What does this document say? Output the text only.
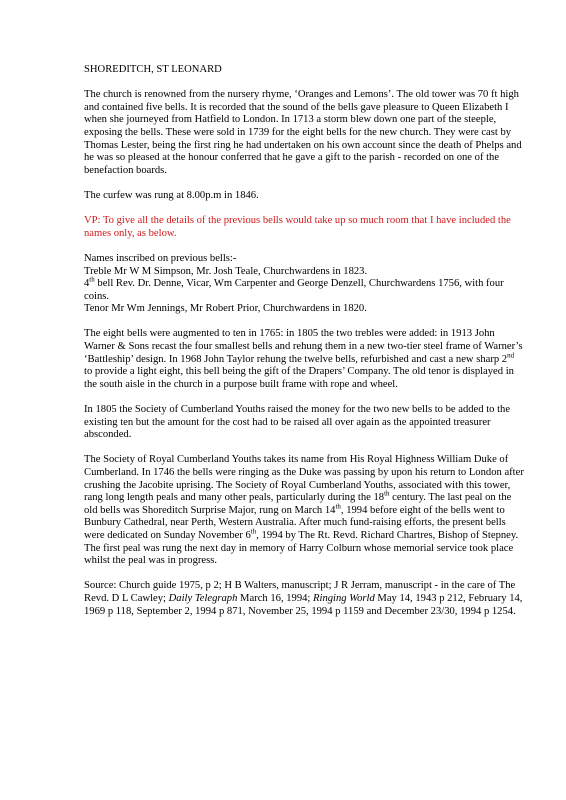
SHOREDITCH, ST LEONARD
The church is renowned from the nursery rhyme, ‘Oranges and Lemons’. The old tower was 70 ft high and contained five bells. It is recorded that the sound of the bells gave pleasure to Queen Elizabeth I when she journeyed from Hatfield to London. In 1713 a storm blew down one part of the steeple, exposing the bells. These were sold in 1739 for the eight bells for the new church. They were cast by Thomas Lester, being the first ring he had undertaken on his own account since the death of Phelps and he was so pleased at the honour conferred that he gave a gift to the parish - recorded on one of the benefaction boards.
The curfew was rung at 8.00p.m in 1846.
VP: To give all the details of the previous bells would take up so much room that I have included the names only, as below.
Names inscribed on previous bells:-
Treble Mr W M Simpson, Mr. Josh Teale, Churchwardens in 1823.
4th bell Rev. Dr. Denne, Vicar, Wm Carpenter and George Denzell, Churchwardens 1756, with four coins.
Tenor Mr Wm Jennings, Mr Robert Prior, Churchwardens in 1820.
The eight bells were augmented to ten in 1765: in 1805 the two trebles were added: in 1913 John Warner & Sons recast the four smallest bells and rehung them in a new two-tier steel frame of Warner’s ‘Battleship’ design. In 1968 John Taylor rehung the twelve bells, refurbished and cast a new sharp 2nd to provide a light eight, this bell being the gift of the Drapers’ Company. The old tenor is displayed in the south aisle in the church in a purpose built frame with rope and wheel.
In 1805 the Society of Cumberland Youths raised the money for the two new bells to be added to the existing ten but the amount for the cost had to be raised all over again as the appointed treasurer absconded.
The Society of Royal Cumberland Youths takes its name from His Royal Highness William Duke of Cumberland. In 1746 the bells were ringing as the Duke was passing by upon his return to London after crushing the Jacobite uprising. The Society of Royal Cumberland Youths, associated with this tower, rang long length peals and many other peals, particularly during the 18th century. The last peal on the old bells was Shoreditch Surprise Major, rung on March 14th, 1994 before eight of the bells went to Bunbury Cathedral, near Perth, Western Australia. After much fund-raising efforts, the present bells were dedicated on Sunday November 6th, 1994 by The Rt. Revd. Richard Chartres, Bishop of Stepney. The first peal was rung the next day in memory of Harry Colburn whose memorial service took place whilst the peal was in progress.
Source: Church guide 1975, p 2; H B Walters, manuscript; J R Jerram, manuscript - in the care of The Revd. D L Cawley; Daily Telegraph March 16, 1994; Ringing World May 14, 1943 p 212, February 14, 1969 p 118, September 2, 1994 p 871, November 25, 1994 p 1159 and December 23/30, 1994 p 1254.
